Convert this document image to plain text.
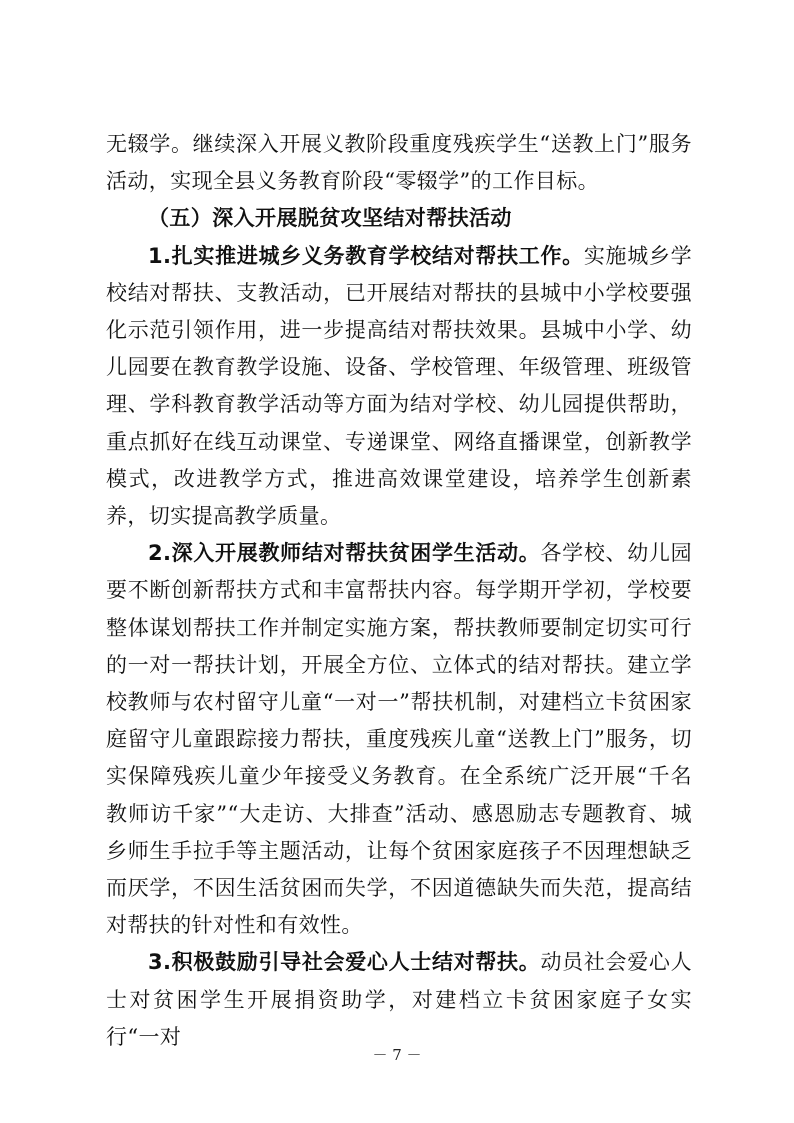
无辍学。继续深入开展义教阶段重度残疾学生“送教上门”服务活动，实现全县义务教育阶段“零辍学”的工作目标。

（五）深入开展脱贫攻坚结对帮扶活动

1.扎实推进城乡义务教育学校结对帮扶工作。实施城乡学校结对帮扶、支教活动，已开展结对帮扶的县城中小学校要强化示范引领作用，进一步提高结对帮扶效果。县城中小学、幼儿园要在教育教学设施、设备、学校管理、年级管理、班级管理、学科教育教学活动等方面为结对学校、幼儿园提供帮助，重点抓好在线互动课堂、专递课堂、网络直播课堂，创新教学模式，改进教学方式，推进高效课堂建设，培养学生创新素养，切实提高教学质量。

2.深入开展教师结对帮扶贫困学生活动。各学校、幼儿园要不断创新帮扶方式和丰富帮扶内容。每学期开学初，学校要整体谋划帮扶工作并制定实施方案，帮扶教师要制定切实可行的一对一帮扶计划，开展全方位、立体式的结对帮扶。建立学校教师与农村留守儿童“一对一”帮扶机制，对建档立卡贫困家庭留守儿童跟踪接力帮扶，重度残疾儿童“送教上门”服务，切实保障残疾儿童少年接受义务教育。在全系统广泛开展“千名教师访千家”“大走访、大排查”活动、感恩励志专题教育、城乡师生手拉手等主题活动，让每个贫困家庭孩子不因理想缺乏而厌学，不因生活贫困而失学，不因道德缺失而失范，提高结对帮扶的针对性和有效性。

3.积极鼓励引导社会爱心人士结对帮扶。动员社会爱心人士对贫困学生开展捐资助学，对建档立卡贫困家庭子女实行“一对

－ 7 －
